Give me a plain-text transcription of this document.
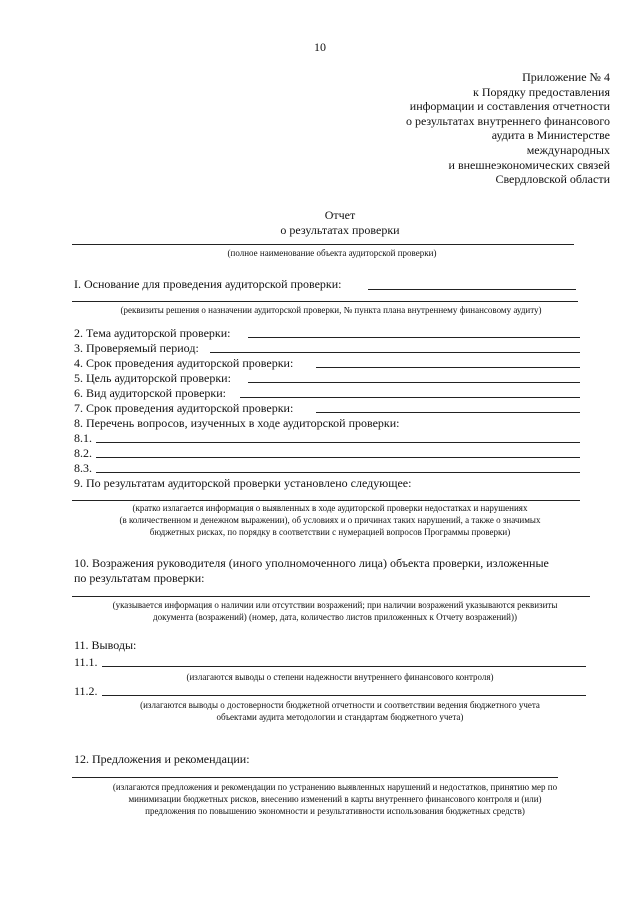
10
Приложение № 4
к Порядку предоставления
информации и составления отчетности
о результатах внутреннего финансового
аудита в Министерстве
международных
и внешнеэкономических связей
Свердловской области
Отчет
о результатах проверки
(полное наименование объекта аудиторской проверки)
I. Основание для проведения аудиторской проверки:
(реквизиты решения о назначении аудиторской проверки, № пункта плана внутреннему финансовому аудиту)
2. Тема аудиторской проверки:
3. Проверяемый период:
4. Срок проведения аудиторской проверки:
5. Цель аудиторской проверки:
6. Вид аудиторской проверки:
7. Срок проведения аудиторской проверки:
8. Перечень вопросов, изученных в ходе аудиторской проверки:
8.1.
8.2.
8.3.
9. По результатам аудиторской проверки установлено следующее:
(кратко излагается информация о выявленных в ходе аудиторской проверки недостатках и нарушениях
(в количественном и денежном выражении), об условиях и о причинах таких нарушений, а также о значимых
бюджетных рисках, по порядку в соответствии с нумерацией вопросов Программы проверки)
10. Возражения руководителя (иного уполномоченного лица) объекта проверки, изложенные
по результатам проверки:
(указывается информация о наличии или отсутствии возражений; при наличии возражений указываются реквизиты
документа (возражений) (номер, дата, количество листов приложенных к Отчету возражений))
11. Выводы:
11.1.
(излагаются выводы о степени надежности внутреннего финансового контроля)
11.2.
(излагаются выводы о достоверности бюджетной отчетности и соответствии ведения бюджетного учета
объектами аудита методологии и стандартам бюджетного учета)
12. Предложения и рекомендации:
(излагаются предложения и рекомендации по устранению выявленных нарушений и недостатков, принятию мер по
минимизации бюджетных рисков, внесению изменений в карты внутреннего финансового контроля и (или)
предложения по повышению экономности и результативности использования бюджетных средств)
